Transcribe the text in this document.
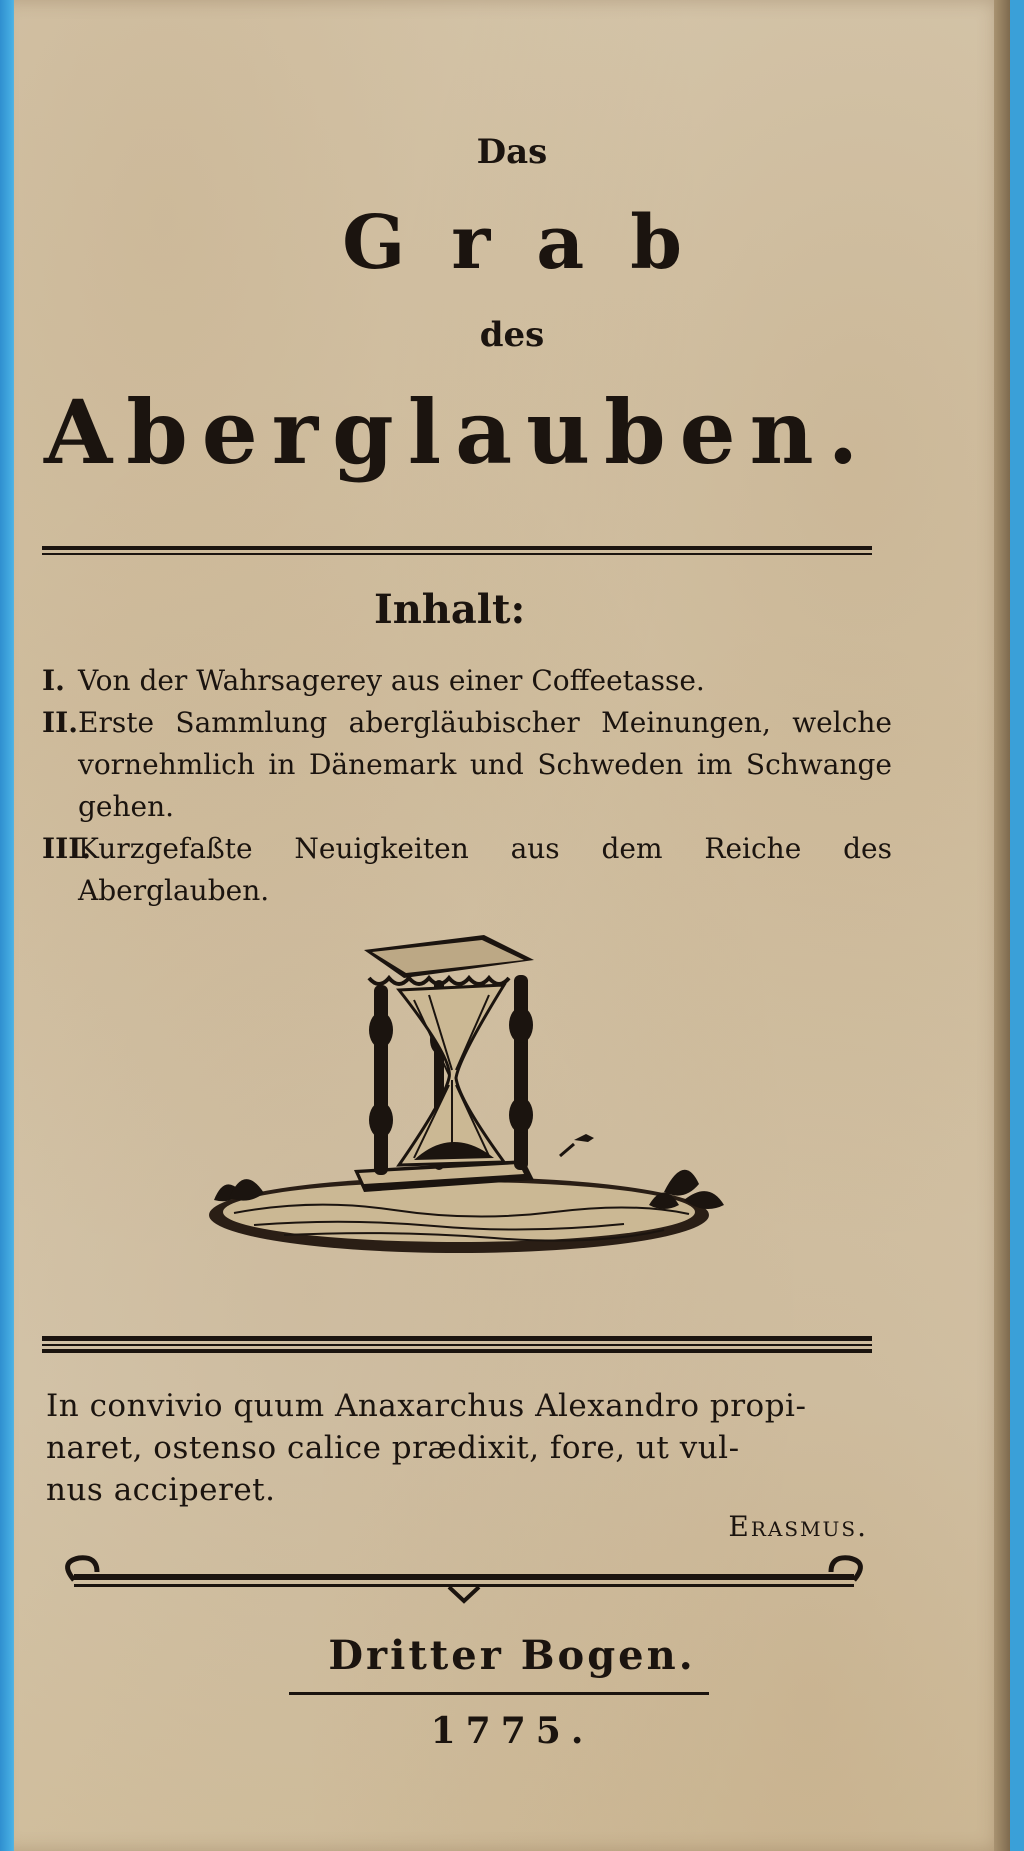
Das
Grab
des
Aberglauben.
Inhalt:
I. Von der Wahrsagerey aus einer Coffeetasse.
II. Erste Sammlung abergläubischer Meinungen, welche vornehmlich in Dänemark und Schweden im Schwange gehen.
III.
Kurzgefaßte Neuigkeiten aus dem Reiche des Aberglauben.
In convivio quum Anaxarchus Alexandro propi-
naret, ostenso calice prædixit, fore, ut vul-
nus acciperet.
Erasmus.
Dritter Bogen.
1775.
